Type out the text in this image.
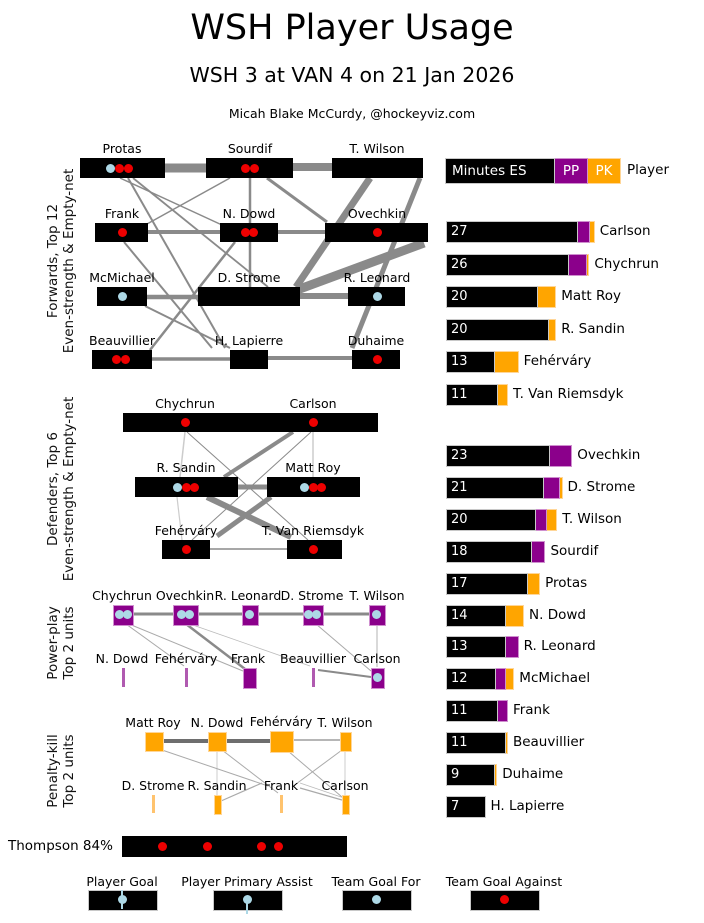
WSH Player Usage
WSH 3 at VAN 4 on 21 Jan 2026
Micah Blake McCurdy, @hockeyviz.com
Forwards, Top 12 Even-strength & Empty-net
Protas	Sourdif	T. Wilson
Frank	N. Dowd	Ovechkin
McMichael	D. Strome	R. Leonard
Beauvillier	H. Lapierre	Duhaime
Defenders, Top 6 Even-strength & Empty-net	Chychrun	Carlson
R. Sandin	Matt Roy
Fehérváry	T. Van Riemsdyk
Power-play Top 2 units
Chychrun Ovechkin R. Leonard D. Strome T. Wilson
N. Dowd Fehérváry	Frank	Beauvillier Carlson
Penalty-kill Top 2 units
Matt Roy N. Dowd Fehérváry T. Wilson
D. Strome R. Sandin	Frank	Carlson
Minutes ES	PP	PK	Player
27	Carlson
26	Chychrun
20	Matt Roy
20	R. Sandin
13	Fehérváry
11	T. Van Riemsdyk
23	Ovechkin
21	D. Strome
20	T. Wilson
18	Sourdif
17	Protas
14	N. Dowd
13	R. Leonard
12	McMichael
11	Frank
11	Beauvillier
9	Duhaime
7	H. Lapierre
Thompson 84%
Player Goal	Player Primary Assist	Team Goal For	Team Goal Against
